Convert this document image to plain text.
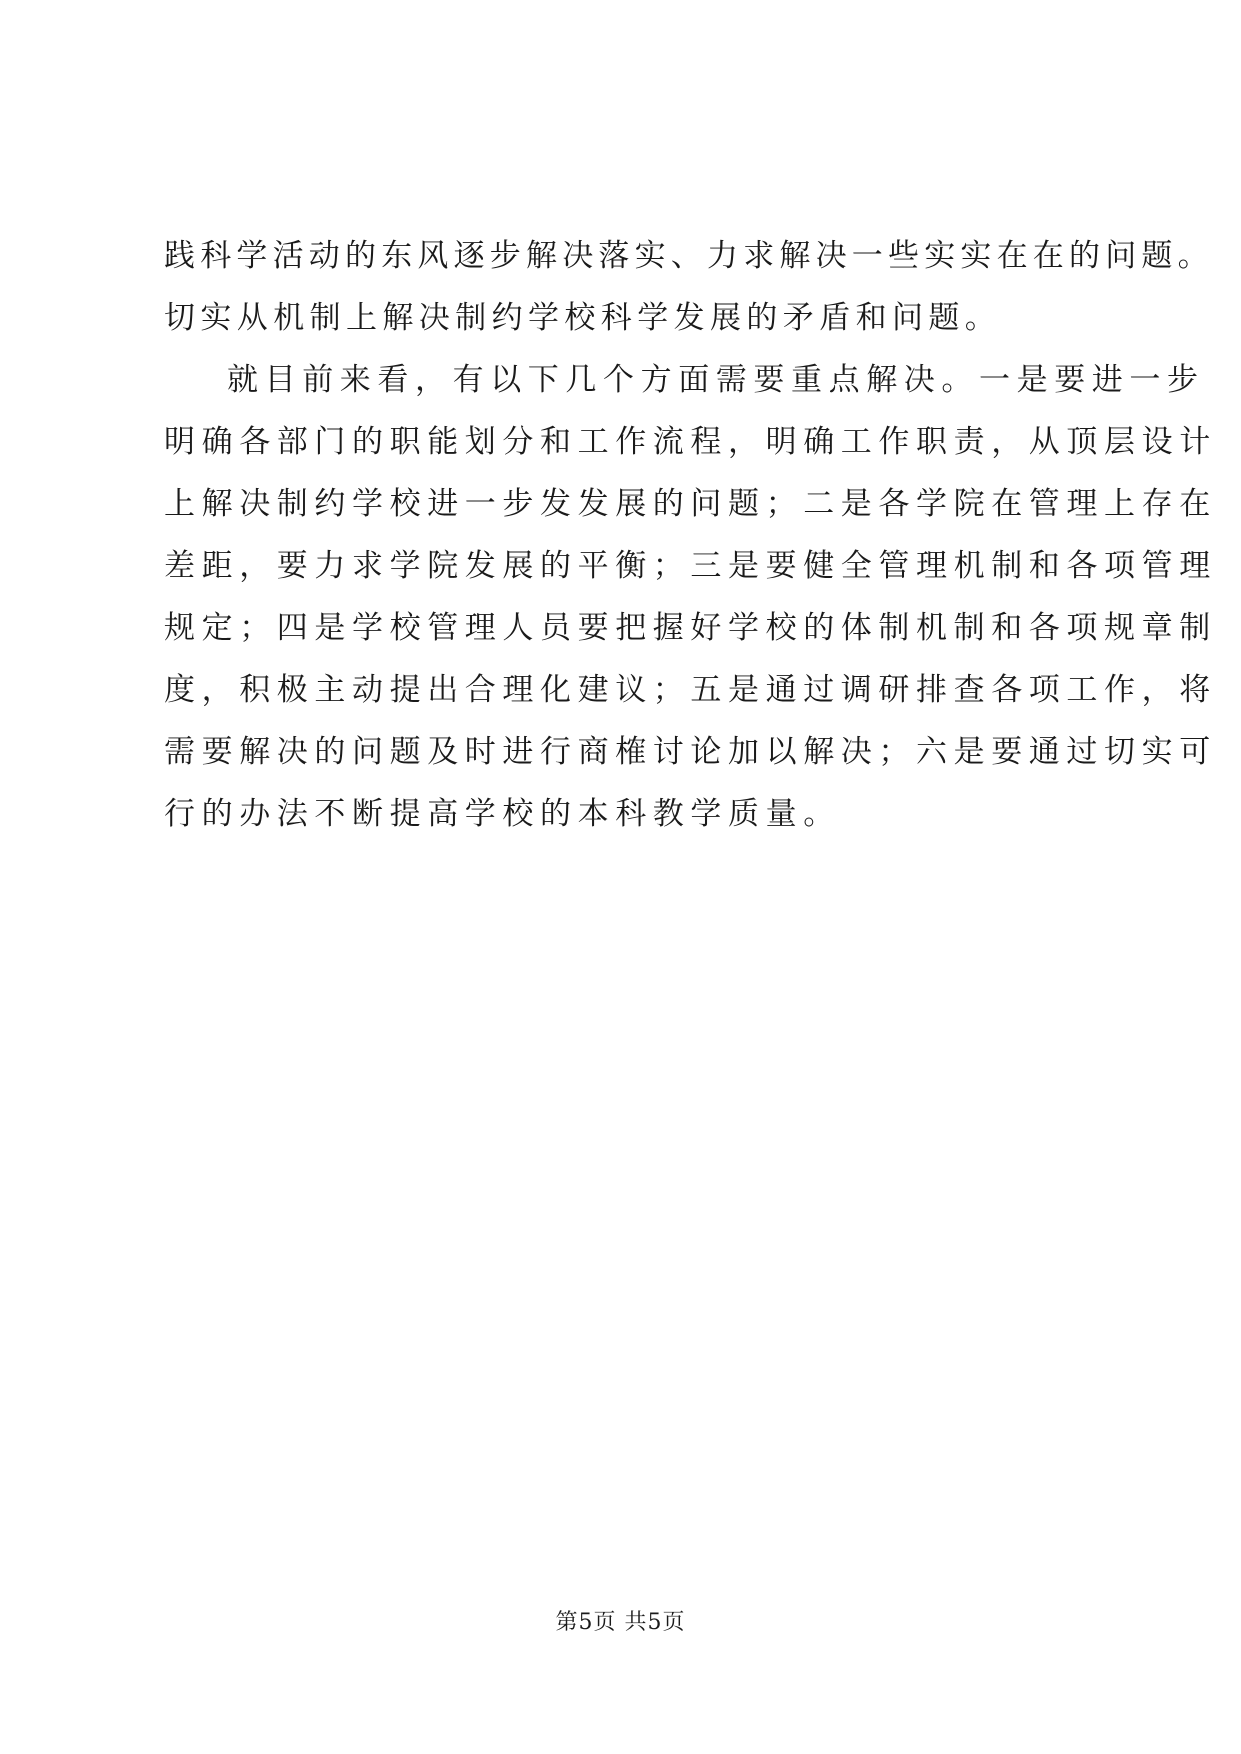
践科学活动的东风逐步解决落实、力求解决一些实实在在的问题。
切实从机制上解决制约学校科学发展的矛盾和问题。
就目前来看，有以下几个方面需要重点解决。一是要进一步
明确各部门的职能划分和工作流程，明确工作职责，从顶层设计
上解决制约学校进一步发发展的问题；二是各学院在管理上存在
差距，要力求学院发展的平衡；三是要健全管理机制和各项管理
规定；四是学校管理人员要把握好学校的体制机制和各项规章制
度，积极主动提出合理化建议；五是通过调研排查各项工作，将
需要解决的问题及时进行商榷讨论加以解决；六是要通过切实可
行的办法不断提高学校的本科教学质量。
第5页 共5页
